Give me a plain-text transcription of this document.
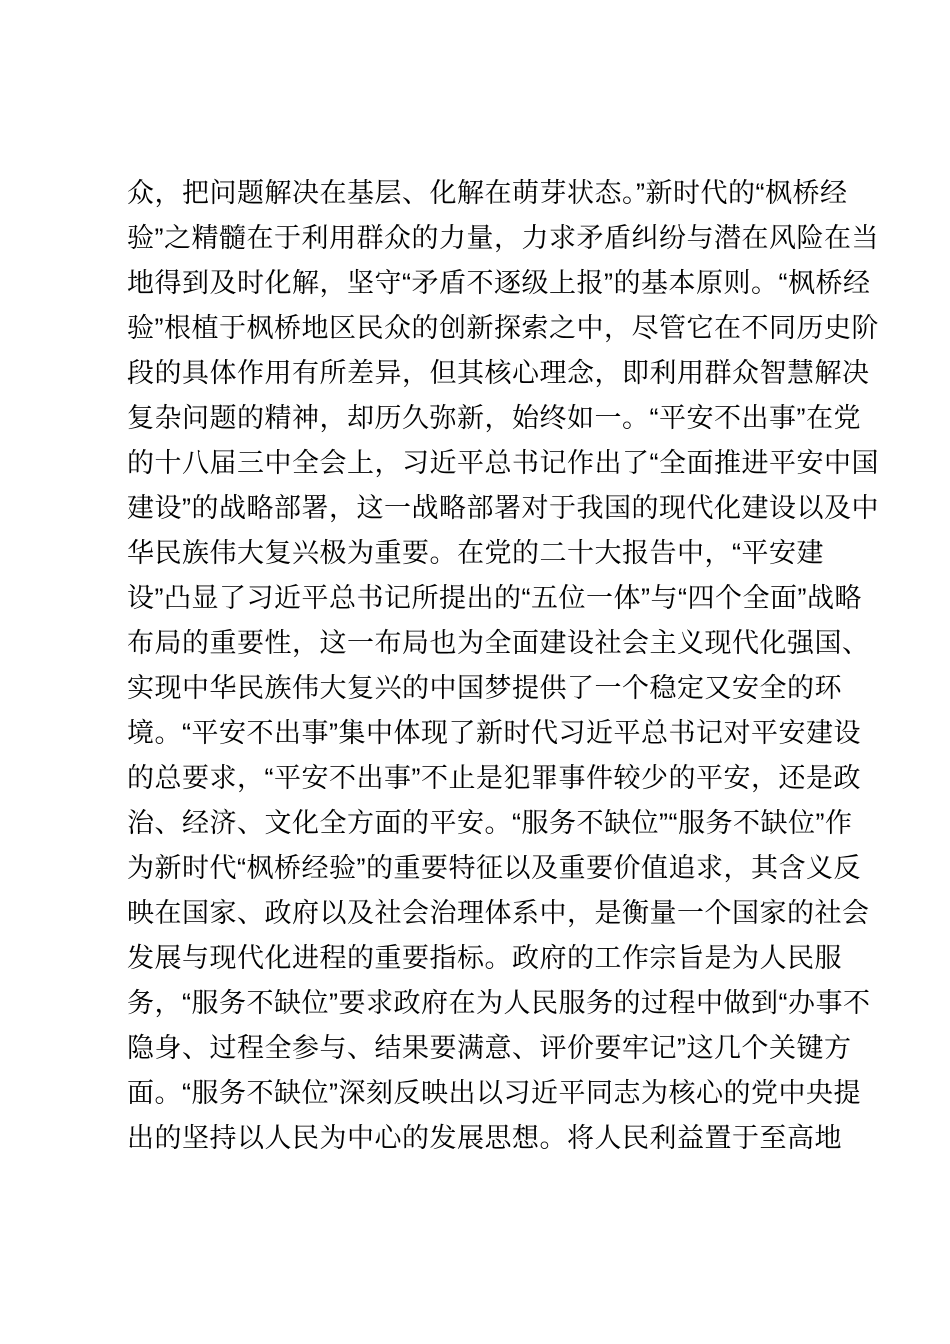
众，把问题解决在基层、化解在萌芽状态。”新时代的“枫桥经
验”之精髓在于利用群众的力量，力求矛盾纠纷与潜在风险在当
地得到及时化解，坚守“矛盾不逐级上报”的基本原则。“枫桥经
验”根植于枫桥地区民众的创新探索之中，尽管它在不同历史阶
段的具体作用有所差异，但其核心理念，即利用群众智慧解决
复杂问题的精神，却历久弥新，始终如一。“平安不出事”在党
的十八届三中全会上，习近平总书记作出了“全面推进平安中国
建设”的战略部署，这一战略部署对于我国的现代化建设以及中
华民族伟大复兴极为重要。在党的二十大报告中，“平安建
设”凸显了习近平总书记所提出的“五位一体”与“四个全面”战略
布局的重要性，这一布局也为全面建设社会主义现代化强国、
实现中华民族伟大复兴的中国梦提供了一个稳定又安全的环
境。“平安不出事”集中体现了新时代习近平总书记对平安建设
的总要求，“平安不出事”不止是犯罪事件较少的平安，还是政
治、经济、文化全方面的平安。“服务不缺位”“服务不缺位”作
为新时代“枫桥经验”的重要特征以及重要价值追求，其含义反
映在国家、政府以及社会治理体系中，是衡量一个国家的社会
发展与现代化进程的重要指标。政府的工作宗旨是为人民服
务，“服务不缺位”要求政府在为人民服务的过程中做到“办事不
隐身、过程全参与、结果要满意、评价要牢记”这几个关键方
面。“服务不缺位”深刻反映出以习近平同志为核心的党中央提
出的坚持以人民为中心的发展思想。将人民利益置于至高地
